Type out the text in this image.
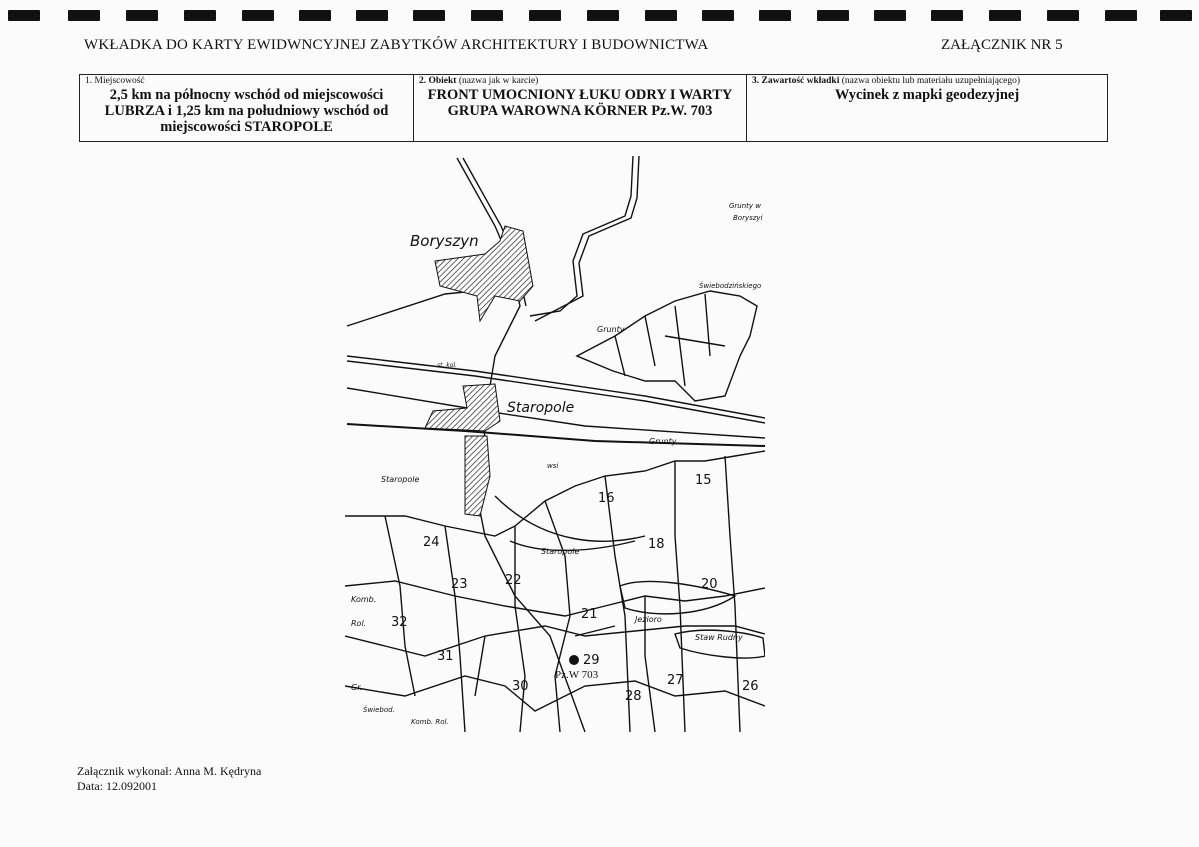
WKŁADKA DO KARTY EWIDWNCYJNEJ ZABYTKÓW ARCHITEKTURY I BUDOWNICTWA	ZAŁĄCZNIK NR 5
1. Miejscowość
2,5 km na północny wschód od miejscowości
LUBRZA i 1,25 km na południowy wschód od
miejscowości STAROPOLE

2. Obiekt (nazwa jak w karcie)
FRONT UMOCNIONY ŁUKU ODRY I WARTY
GRUPA WAROWNA KÖRNER Pz.W. 703

3. Zawartość wkładki (nazwa obiektu lub materiału uzupełniającego)
Wycinek z mapki geodezyjnej
Boryszyn
Staropole
Staropole
Staropole
Grunty
Grunty
Grunty w
Boryszyi
Świebodzińskiego
st. kol.
wsi
Jezioro
Staw Rudny
Komb.
Rol.
Gr.
Świebod.
Komb. Rol.
15
16
18
20
21
22
23
24
26
27
28
29
30
31
32
Pz.W 703
Załącznik wykonał: Anna M. Kędryna
Data: 12.092001
